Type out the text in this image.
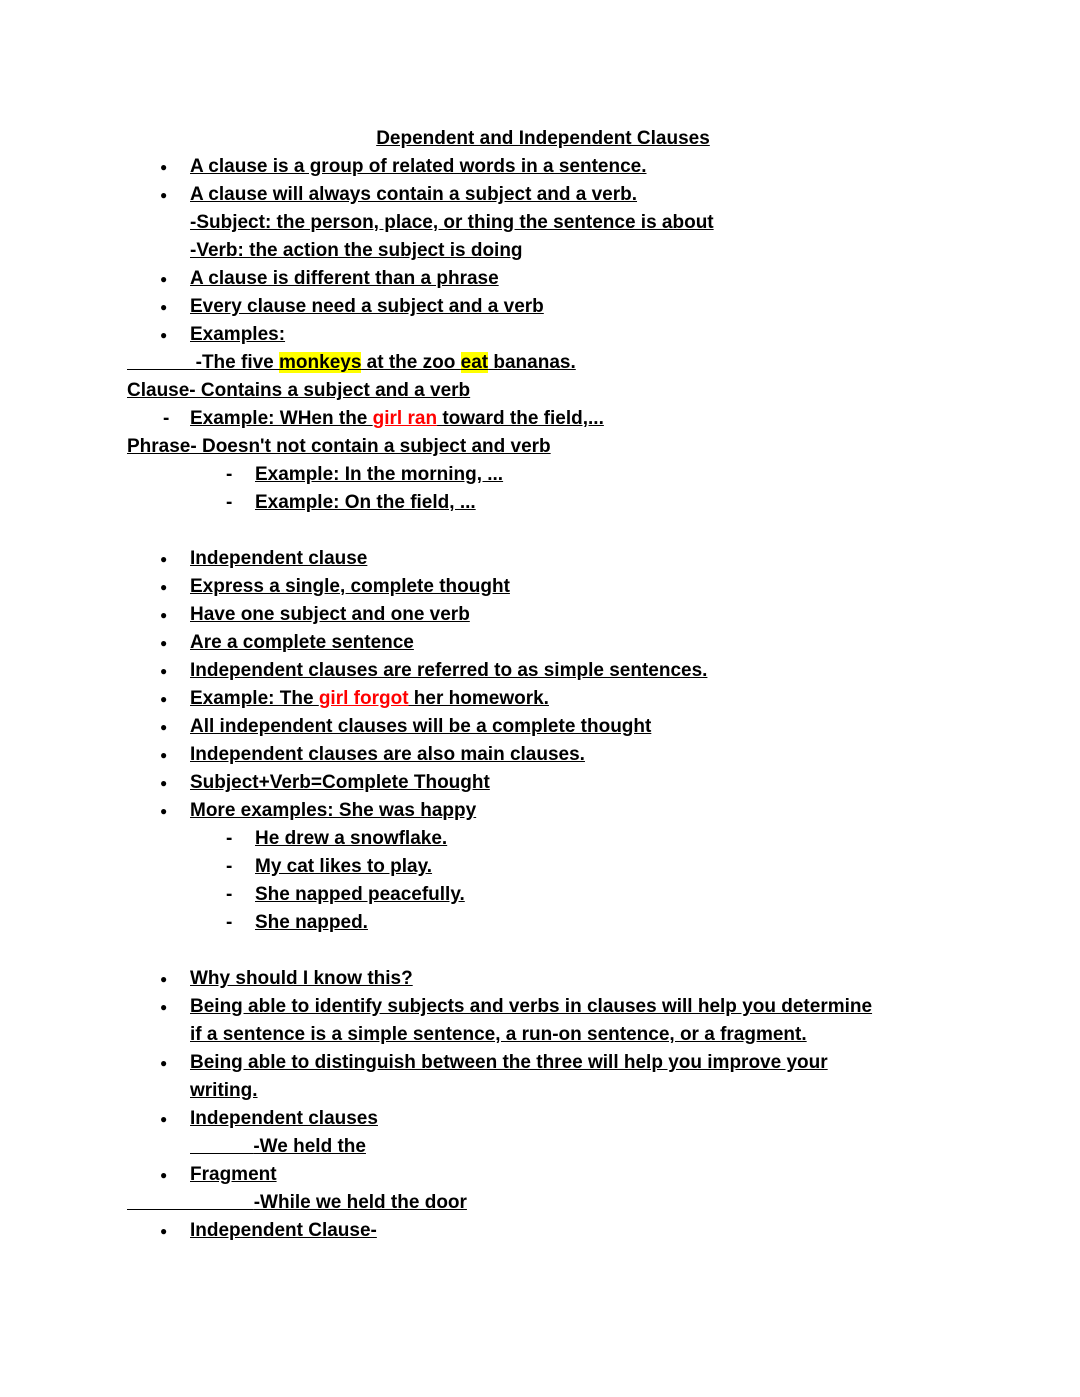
Dependent and Independent Clauses
● A clause is a group of related words in a sentence.
● A clause will always contain a subject and a verb.
-Subject: the person, place, or thing the sentence is about
-Verb: the action the subject is doing
● A clause is different than a phrase
● Every clause need a subject and a verb
● Examples:
-The five monkeys at the zoo eat bananas.
Clause- Contains a subject and a verb
- Example: WHen the girl ran toward the field,...
Phrase- Doesn't not contain a subject and verb
- Example: In the morning, ...
- Example: On the field, ...
● Independent clause
● Express a single, complete thought
● Have one subject and one verb
● Are a complete sentence
● Independent clauses are referred to as simple sentences.
● Example: The girl forgot her homework.
● All independent clauses will be a complete thought
● Independent clauses are also main clauses.
● Subject+Verb=Complete Thought
● More examples: She was happy
- He drew a snowflake.
- My cat likes to play.
- She napped peacefully.
- She napped.
● Why should I know this?
● Being able to identify subjects and verbs in clauses will help you determine
if a sentence is a simple sentence, a run-on sentence, or a fragment.
● Being able to distinguish between the three will help you improve your
writing.
● Independent clauses
-We held the
● Fragment
-While we held the door
● Independent Clause-
